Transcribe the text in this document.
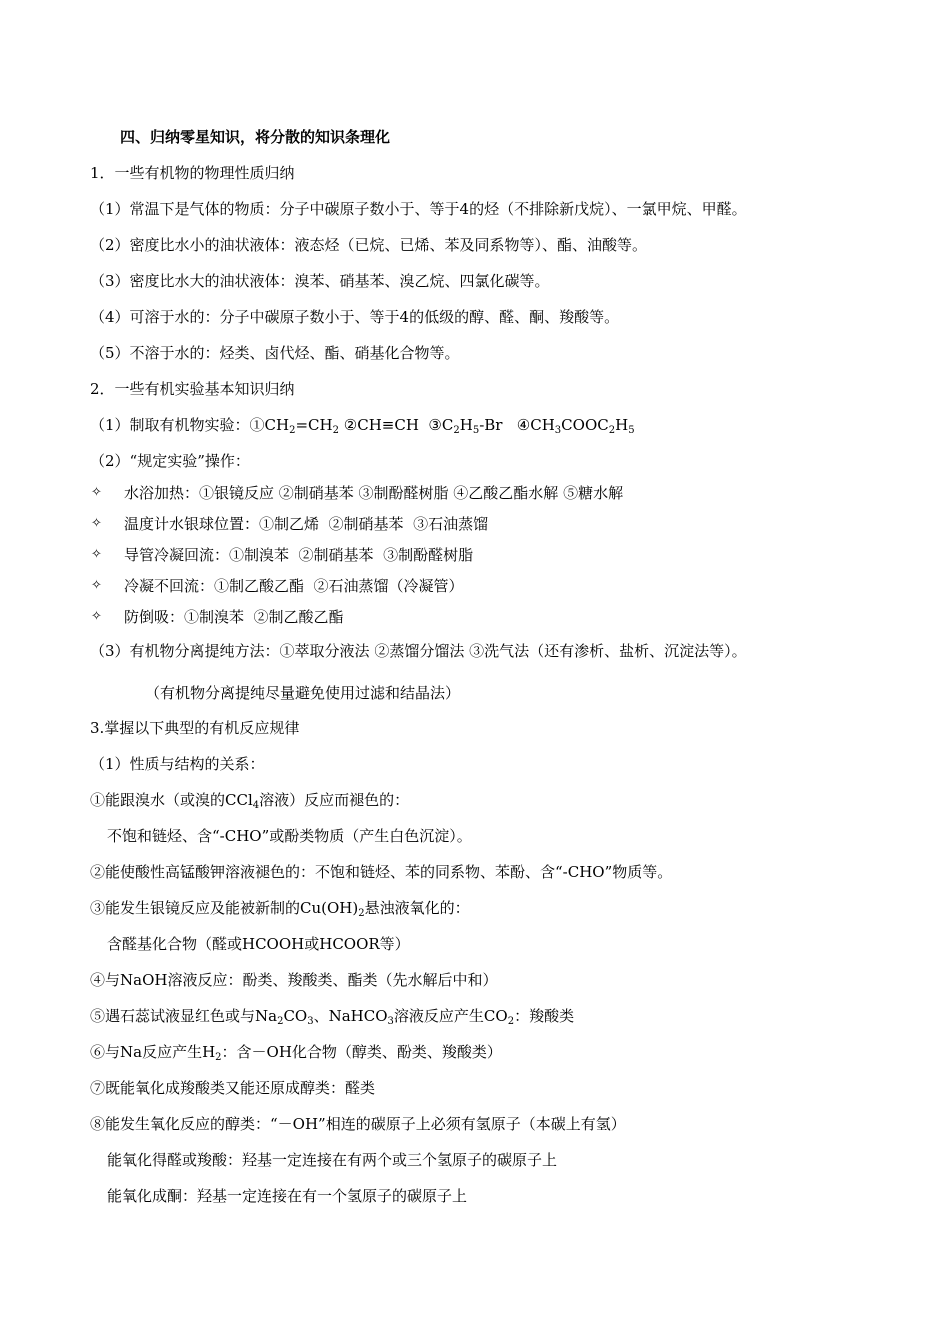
四、归纳零星知识，将分散的知识条理化
1．一些有机物的物理性质归纳
（1）常温下是气体的物质：分子中碳原子数小于、等于4的烃（不排除新戊烷）、一氯甲烷、甲醛。
（2）密度比水小的油状液体：液态烃（已烷、已烯、苯及同系物等）、酯、油酸等。
（3）密度比水大的油状液体：溴苯、硝基苯、溴乙烷、四氯化碳等。
（4）可溶于水的：分子中碳原子数小于、等于4的低级的醇、醛、酮、羧酸等。
（5）不溶于水的：烃类、卤代烃、酯、硝基化合物等。
2．一些有机实验基本知识归纳
（1）制取有机物实验：$①CH_2=CH_2$ ②CH≡CH  $③C_2H_5-Br$   $④CH_3COOC_2H_5$
（2）“规定实验”操作：
✧ 水浴加热：①银镜反应 ②制硝基苯 ③制酚醛树脂 ④乙酸乙酯水解 ⑤糖水解
✧ 温度计水银球位置：①制乙烯  ②制硝基苯  ③石油蒸馏
✧ 导管冷凝回流：①制溴苯  ②制硝基苯  ③制酚醛树脂
✧ 冷凝不回流：①制乙酸乙酯  ②石油蒸馏（冷凝管）
✧ 防倒吸：①制溴苯  ②制乙酸乙酯
（3）有机物分离提纯方法：①萃取分液法 ②蒸馏分馏法 ③洗气法（还有渗析、盐析、沉淀法等）。
（有机物分离提纯尽量避免使用过滤和结晶法）
3.掌握以下典型的有机反应规律
（1）性质与结构的关系：
①能跟溴水（或溴的CCl$_4$溶液）反应而褪色的：
不饱和链烃、含“-CHO”或酚类物质（产生白色沉淀）。
②能使酸性高锰酸钾溶液褪色的：不饱和链烃、苯的同系物、苯酚、含“-CHO”物质等。
③能发生银镜反应及能被新制的$Cu(OH)_2$悬浊液氧化的：
含醛基化合物（醛或HCOOH或HCOOR等）
④与NaOH溶液反应：酚类、羧酸类、酯类（先水解后中和）
⑤遇石蕊试液显红色或与$Na_2CO_3$、NaHCO$_3$溶液反应产生$CO_2$：羧酸类
⑥与Na反应产生$H_2$：含－OH化合物（醇类、酚类、羧酸类）
⑦既能氧化成羧酸类又能还原成醇类：醛类
⑧能发生氧化反应的醇类：“－OH”相连的碳原子上必须有氢原子（本碳上有氢）
能氧化得醛或羧酸：羟基一定连接在有两个或三个氢原子的碳原子上
能氧化成酮：羟基一定连接在有一个氢原子的碳原子上
